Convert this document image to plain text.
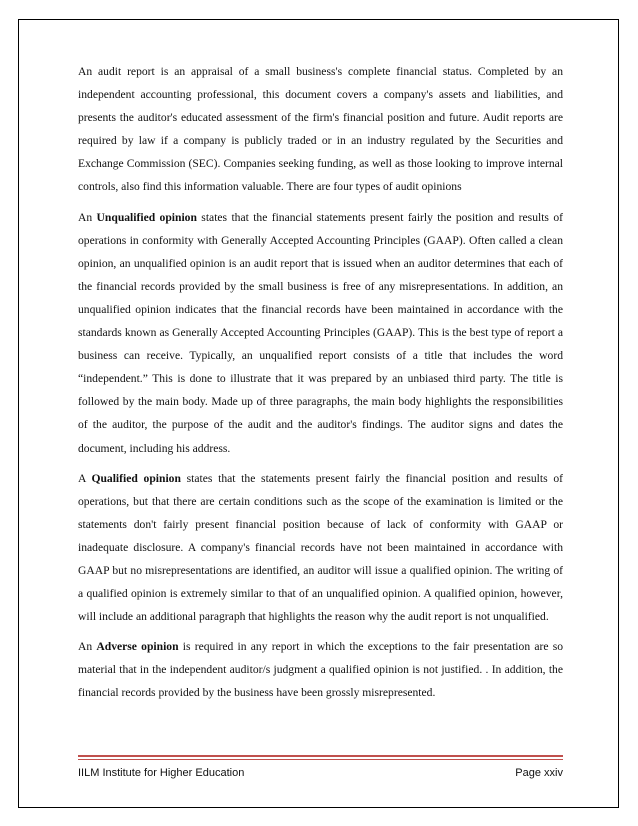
An audit report is an appraisal of a small business's complete financial status. Completed by an independent accounting professional, this document covers a company's assets and liabilities, and presents the auditor's educated assessment of the firm's financial position and future. Audit reports are required by law if a company is publicly traded or in an industry regulated by the Securities and Exchange Commission (SEC). Companies seeking funding, as well as those looking to improve internal controls, also find this information valuable. There are four types of audit opinions

An Unqualified opinion states that the financial statements present fairly the position and results of operations in conformity with Generally Accepted Accounting Principles (GAAP). Often called a clean opinion, an unqualified opinion is an audit report that is issued when an auditor determines that each of the financial records provided by the small business is free of any misrepresentations. In addition, an unqualified opinion indicates that the financial records have been maintained in accordance with the standards known as Generally Accepted Accounting Principles (GAAP). This is the best type of report a business can receive. Typically, an unqualified report consists of a title that includes the word “independent.” This is done to illustrate that it was prepared by an unbiased third party. The title is followed by the main body. Made up of three paragraphs, the main body highlights the responsibilities of the auditor, the purpose of the audit and the auditor's findings. The auditor signs and dates the document, including his address.

A Qualified opinion states that the statements present fairly the financial position and results of operations, but that there are certain conditions such as the scope of the examination is limited or the statements don't fairly present financial position because of lack of conformity with GAAP or inadequate disclosure. A company's financial records have not been maintained in accordance with GAAP but no misrepresentations are identified, an auditor will issue a qualified opinion. The writing of a qualified opinion is extremely similar to that of an unqualified opinion. A qualified opinion, however, will include an additional paragraph that highlights the reason why the audit report is not unqualified.

An Adverse opinion is required in any report in which the exceptions to the fair presentation are so material that in the independent auditor/s judgment a qualified opinion is not justified. . In addition, the financial records provided by the business have been grossly misrepresented.

IILM Institute for Higher Education	Page xxiv
